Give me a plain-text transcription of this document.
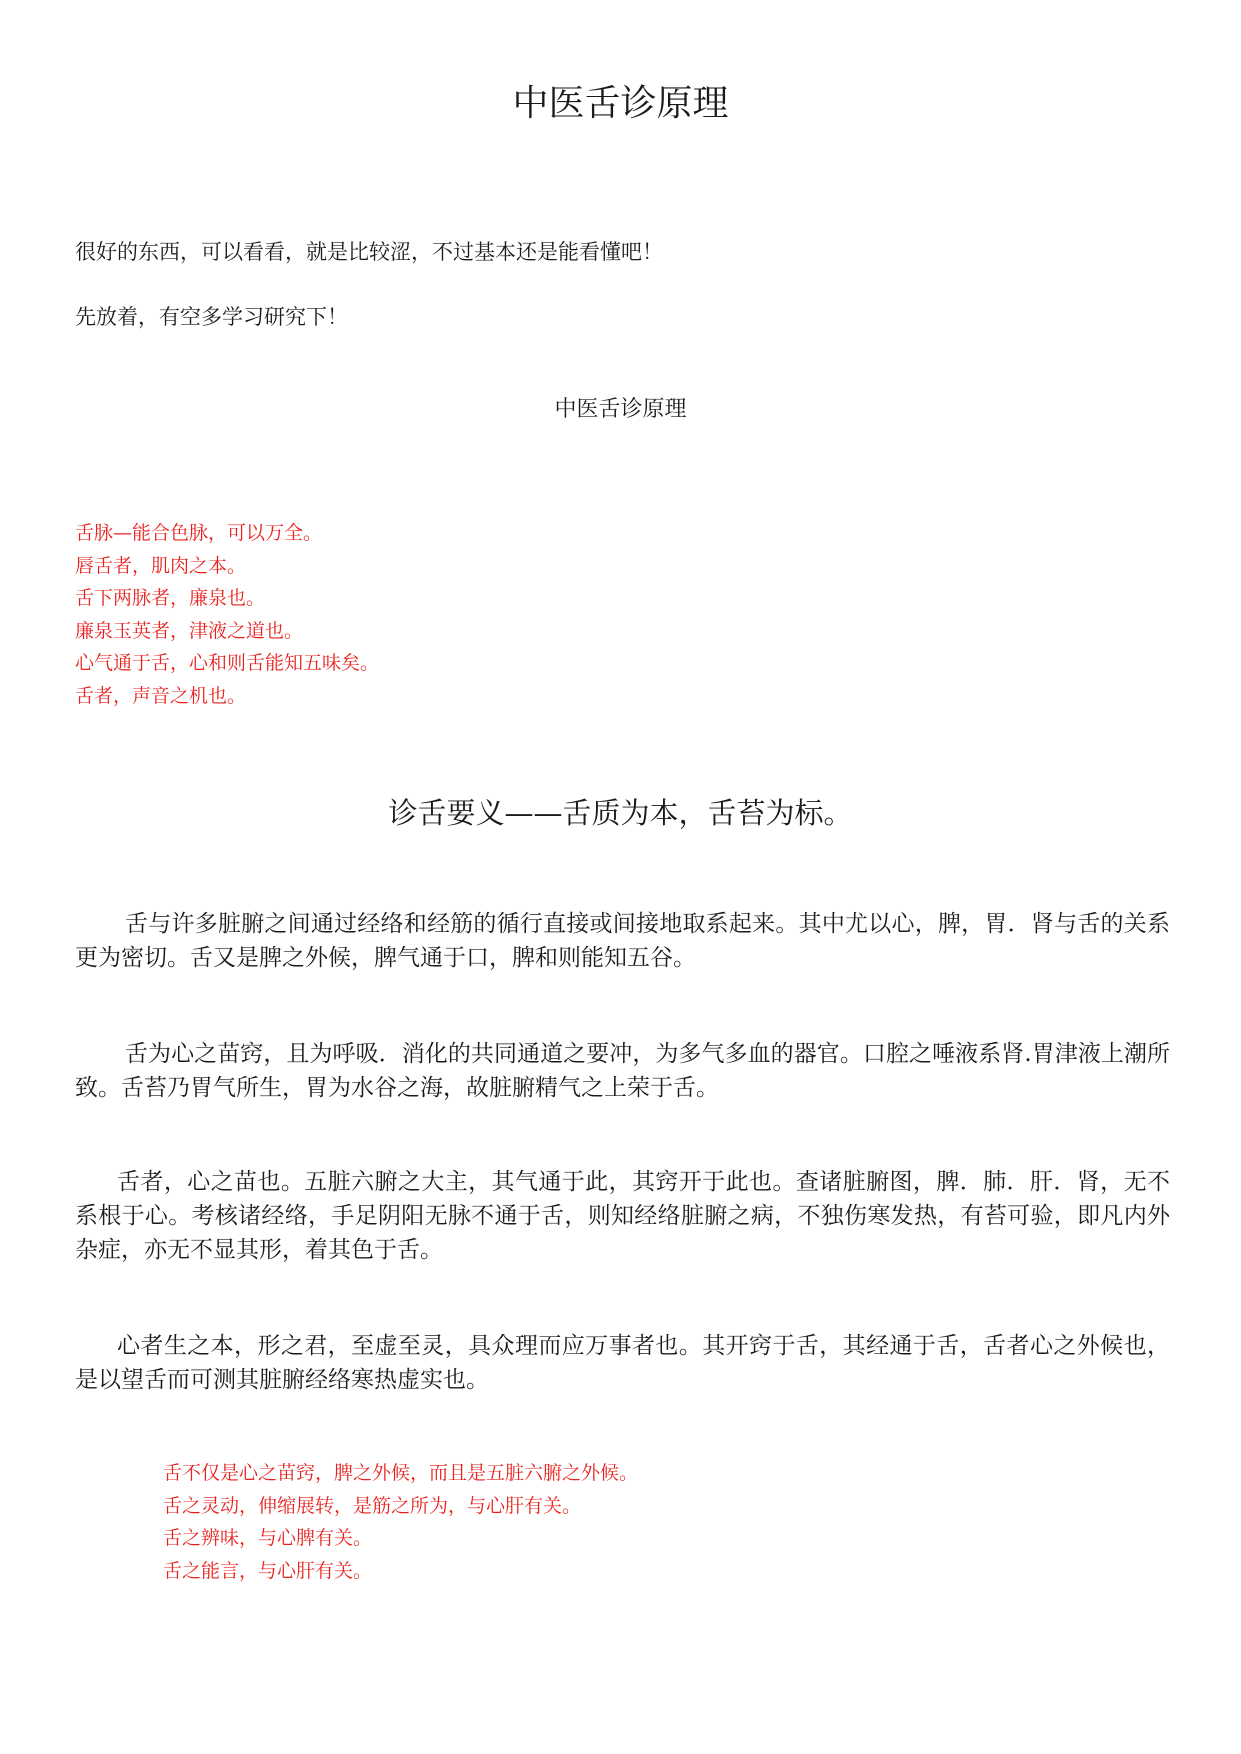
中医舌诊原理

很好的东西，可以看看，就是比较涩，不过基本还是能看懂吧！

先放着，有空多学习研究下！

中医舌诊原理

舌脉—能合色脉，可以万全。
唇舌者，肌肉之本。
舌下两脉者，廉泉也。
廉泉玉英者，津液之道也。
心气通于舌，心和则舌能知五味矣。
舌者，声音之机也。
诊舌要义——舌质为本，舌苔为标。

舌与许多脏腑之间通过经络和经筋的循行直接或间接地取系起来。其中尤以心，脾，胃．肾与舌的关系更为密切。舌又是脾之外候，脾气通于口，脾和则能知五谷。

舌为心之苗窍，且为呼吸．消化的共同通道之要冲，为多气多血的器官。口腔之唾液系肾.胃津液上潮所致。舌苔乃胃气所生，胃为水谷之海，故脏腑精气之上荣于舌。

舌者，心之苗也。五脏六腑之大主，其气通于此，其窍开于此也。查诸脏腑图，脾．肺．肝．肾，无不系根于心。考核诸经络，手足阴阳无脉不通于舌，则知经络脏腑之病，不独伤寒发热，有苔可验，即凡内外杂症，亦无不显其形，着其色于舌。

心者生之本，形之君，至虚至灵，具众理而应万事者也。其开窍于舌，其经通于舌，舌者心之外候也，是以望舌而可测其脏腑经络寒热虚实也。

舌不仅是心之苗窍，脾之外候，而且是五脏六腑之外候。
舌之灵动，伸缩展转，是筋之所为，与心肝有关。
舌之辨味，与心脾有关。
舌之能言，与心肝有关。
